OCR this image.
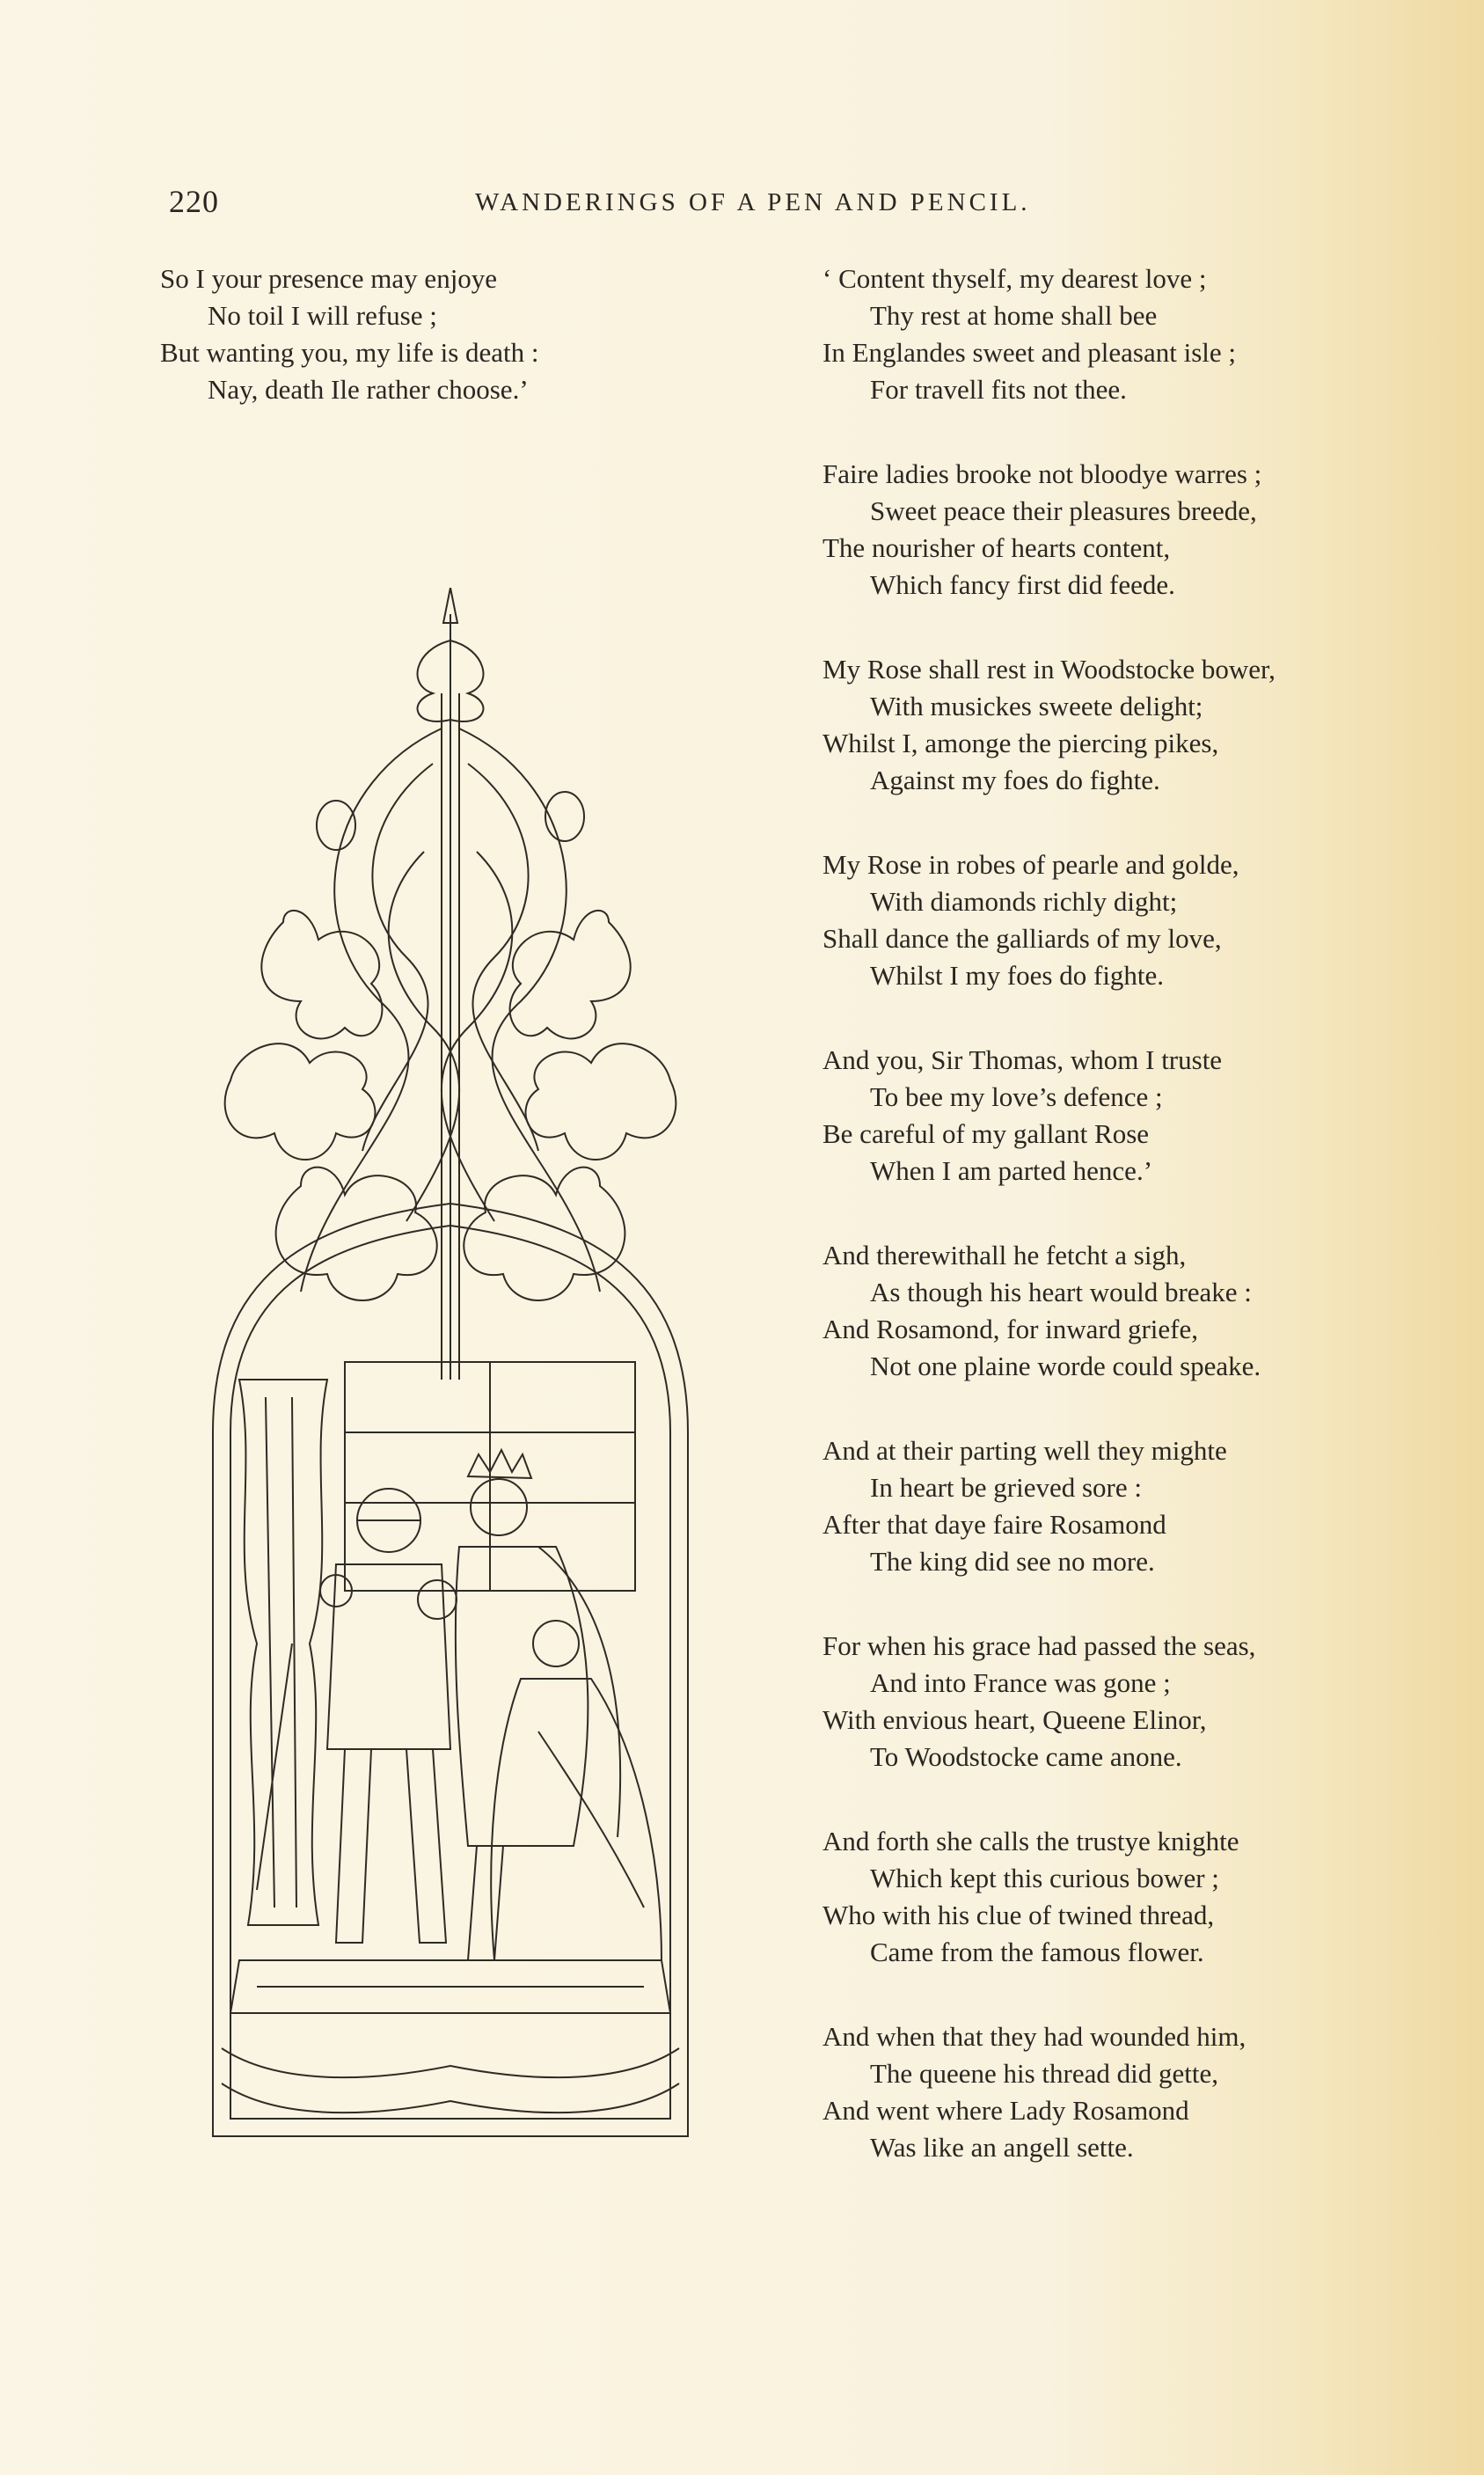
220	WANDERINGS OF A PEN AND PENCIL.
So I your presence may enjoye
No toil I will refuse ;
But wanting you, my life is death :
Nay, death Ile rather choose.’
‘ Content thyself, my dearest love ;
Thy rest at home shall bee
In Englandes sweet and pleasant isle ;
For travell fits not thee.
Faire ladies brooke not bloodye warres ;
Sweet peace their pleasures breede,
The nourisher of hearts content,
Which fancy first did feede.
My Rose shall rest in Woodstocke bower,
With musickes sweete delight;
Whilst I, amonge the piercing pikes,
Against my foes do fighte.
My Rose in robes of pearle and golde,
With diamonds richly dight;
Shall dance the galliards of my love,
Whilst I my foes do fighte.
And you, Sir Thomas, whom I truste
To bee my love’s defence ;
Be careful of my gallant Rose
When I am parted hence.’
And therewithall he fetcht a sigh,
As though his heart would breake :
And Rosamond, for inward griefe,
Not one plaine worde could speake.
And at their parting well they mighte
In heart be grieved sore :
After that daye faire Rosamond
The king did see no more.
For when his grace had passed the seas,
And into France was gone ;
With envious heart, Queene Elinor,
To Woodstocke came anone.
And forth she calls the trustye knighte
Which kept this curious bower ;
Who with his clue of twined thread,
Came from the famous flower.
And when that they had wounded him,
The queene his thread did gette,
And went where Lady Rosamond
Was like an angell sette.
